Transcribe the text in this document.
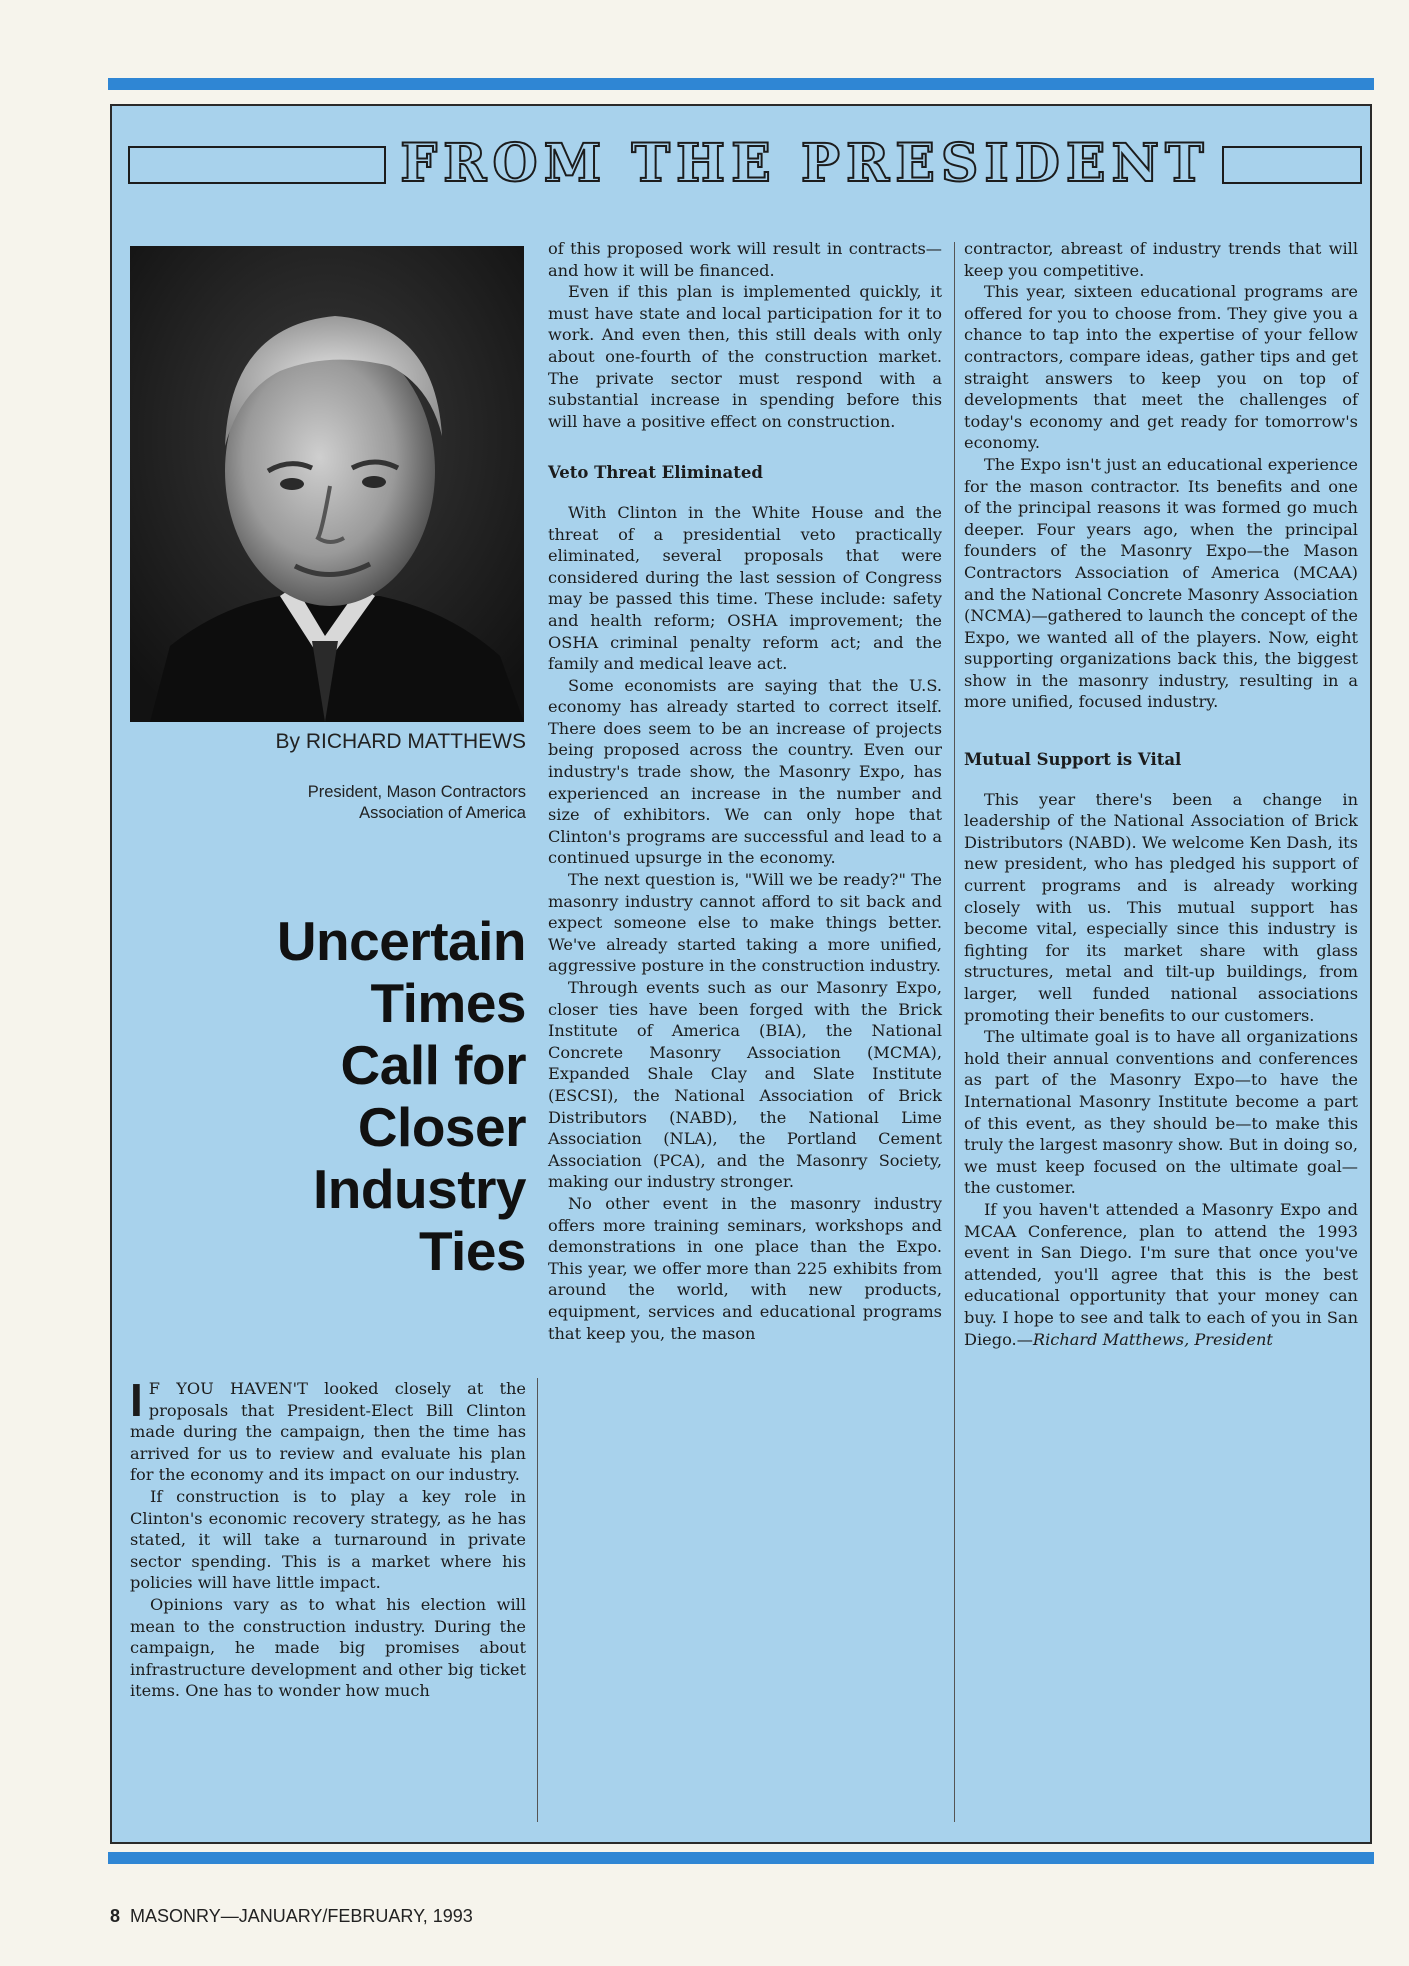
FROM THE PRESIDENT
By RICHARD MATTHEWS
President, Mason Contractors
Association of America
Uncertain
Times
Call for
Closer
Industry
Ties

I F YOU HAVEN'T looked closely at the proposals that President-Elect Bill Clinton made during the campaign, then the time has arrived for us to review and evaluate his plan for the economy and its impact on our industry.

If construction is to play a key role in Clinton's economic recovery strategy, as he has stated, it will take a turnaround in private sector spending. This is a market where his policies will have little impact.

Opinions vary as to what his election will mean to the construction industry. During the campaign, he made big promises about infrastructure development and other big ticket items. One has to wonder how much

of this proposed work will result in contracts—and how it will be financed.

Even if this plan is implemented quickly, it must have state and local participation for it to work. And even then, this still deals with only about one-fourth of the construction market. The private sector must respond with a substantial increase in spending before this will have a positive effect on construction.

Veto Threat Eliminated

With Clinton in the White House and the threat of a presidential veto practically eliminated, several proposals that were considered during the last session of Congress may be passed this time. These include: safety and health reform; OSHA improvement; the OSHA criminal penalty reform act; and the family and medical leave act.

Some economists are saying that the U.S. economy has already started to correct itself. There does seem to be an increase of projects being proposed across the country. Even our industry's trade show, the Masonry Expo, has experienced an increase in the number and size of exhibitors. We can only hope that Clinton's programs are successful and lead to a continued upsurge in the economy.

The next question is, "Will we be ready?" The masonry industry cannot afford to sit back and expect someone else to make things better. We've already started taking a more unified, aggressive posture in the construction industry.

Through events such as our Masonry Expo, closer ties have been forged with the Brick Institute of America (BIA), the National Concrete Masonry Association (MCMA), Expanded Shale Clay and Slate Institute (ESCSI), the National Association of Brick Distributors (NABD), the National Lime Association (NLA), the Portland Cement Association (PCA), and the Masonry Society, making our industry stronger.

No other event in the masonry industry offers more training seminars, workshops and demonstrations in one place than the Expo. This year, we offer more than 225 exhibits from around the world, with new products, equipment, services and educational programs that keep you, the mason

contractor, abreast of industry trends that will keep you competitive.

This year, sixteen educational programs are offered for you to choose from. They give you a chance to tap into the expertise of your fellow contractors, compare ideas, gather tips and get straight answers to keep you on top of developments that meet the challenges of today's economy and get ready for tomorrow's economy.

The Expo isn't just an educational experience for the mason contractor. Its benefits and one of the principal reasons it was formed go much deeper. Four years ago, when the principal founders of the Masonry Expo—the Mason Contractors Association of America (MCAA) and the National Concrete Masonry Association (NCMA)—gathered to launch the concept of the Expo, we wanted all of the players. Now, eight supporting organizations back this, the biggest show in the masonry industry, resulting in a more unified, focused industry.

Mutual Support is Vital

This year there's been a change in leadership of the National Association of Brick Distributors (NABD). We welcome Ken Dash, its new president, who has pledged his support of current programs and is already working closely with us. This mutual support has become vital, especially since this industry is fighting for its market share with glass structures, metal and tilt-up buildings, from larger, well funded national associations promoting their benefits to our customers.

The ultimate goal is to have all organizations hold their annual conventions and conferences as part of the Masonry Expo—to have the International Masonry Institute become a part of this event, as they should be—to make this truly the largest masonry show. But in doing so, we must keep focused on the ultimate goal—the customer.

If you haven't attended a Masonry Expo and MCAA Conference, plan to attend the 1993 event in San Diego. I'm sure that once you've attended, you'll agree that this is the best educational opportunity that your money can buy. I hope to see and talk to each of you in San Diego.—Richard Matthews, President

8 MASONRY—JANUARY/FEBRUARY, 1993
